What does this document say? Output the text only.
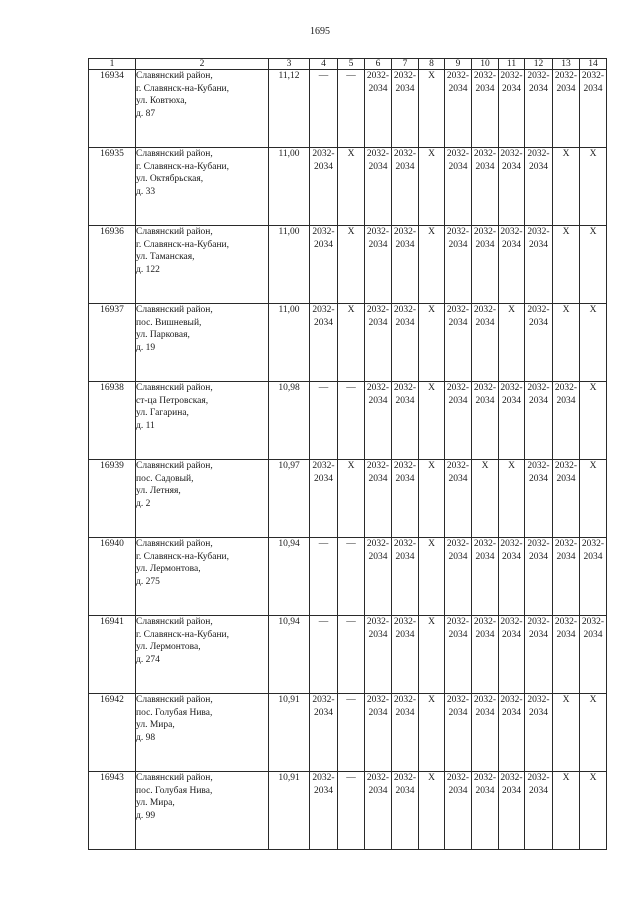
1695
1	2	3	4	5	6	7	8	9	10	11	12	13	14
16934	Славянский район,
г. Славянск-на-Кубани,
ул. Ковтюха,
д. 87	11,12	—	—	2032-
2034	2032-
2034	X	2032-
2034	2032-
2034	2032-
2034	2032-
2034	2032-
2034	2032-
2034
16935	Славянский район,
г. Славянск-на-Кубани,
ул. Октябрьская,
д. 33	11,00	2032-
2034	X	2032-
2034	2032-
2034	X	2032-
2034	2032-
2034	2032-
2034	2032-
2034	X	X
16936	Славянский район,
г. Славянск-на-Кубани,
ул. Таманская,
д. 122	11,00	2032-
2034	X	2032-
2034	2032-
2034	X	2032-
2034	2032-
2034	2032-
2034	2032-
2034	X	X
16937	Славянский район,
пос. Вишневый,
ул. Парковая,
д. 19	11,00	2032-
2034	X	2032-
2034	2032-
2034	X	2032-
2034	2032-
2034	X	2032-
2034	X	X
16938	Славянский район,
ст-ца Петровская,
ул. Гагарина,
д. 11	10,98	—	—	2032-
2034	2032-
2034	X	2032-
2034	2032-
2034	2032-
2034	2032-
2034	2032-
2034	X
16939	Славянский район,
пос. Садовый,
ул. Летняя,
д. 2	10,97	2032-
2034	X	2032-
2034	2032-
2034	X	2032-
2034	X	X	2032-
2034	2032-
2034	X
16940	Славянский район,
г. Славянск-на-Кубани,
ул. Лермонтова,
д. 275	10,94	—	—	2032-
2034	2032-
2034	X	2032-
2034	2032-
2034	2032-
2034	2032-
2034	2032-
2034	2032-
2034
16941	Славянский район,
г. Славянск-на-Кубани,
ул. Лермонтова,
д. 274	10,94	—	—	2032-
2034	2032-
2034	X	2032-
2034	2032-
2034	2032-
2034	2032-
2034	2032-
2034	2032-
2034
16942	Славянский район,
пос. Голубая Нива,
ул. Мира,
д. 98	10,91	2032-
2034	—	2032-
2034	2032-
2034	X	2032-
2034	2032-
2034	2032-
2034	2032-
2034	X	X
16943	Славянский район,
пос. Голубая Нива,
ул. Мира,
д. 99	10,91	2032-
2034	—	2032-
2034	2032-
2034	X	2032-
2034	2032-
2034	2032-
2034	2032-
2034	X	X
